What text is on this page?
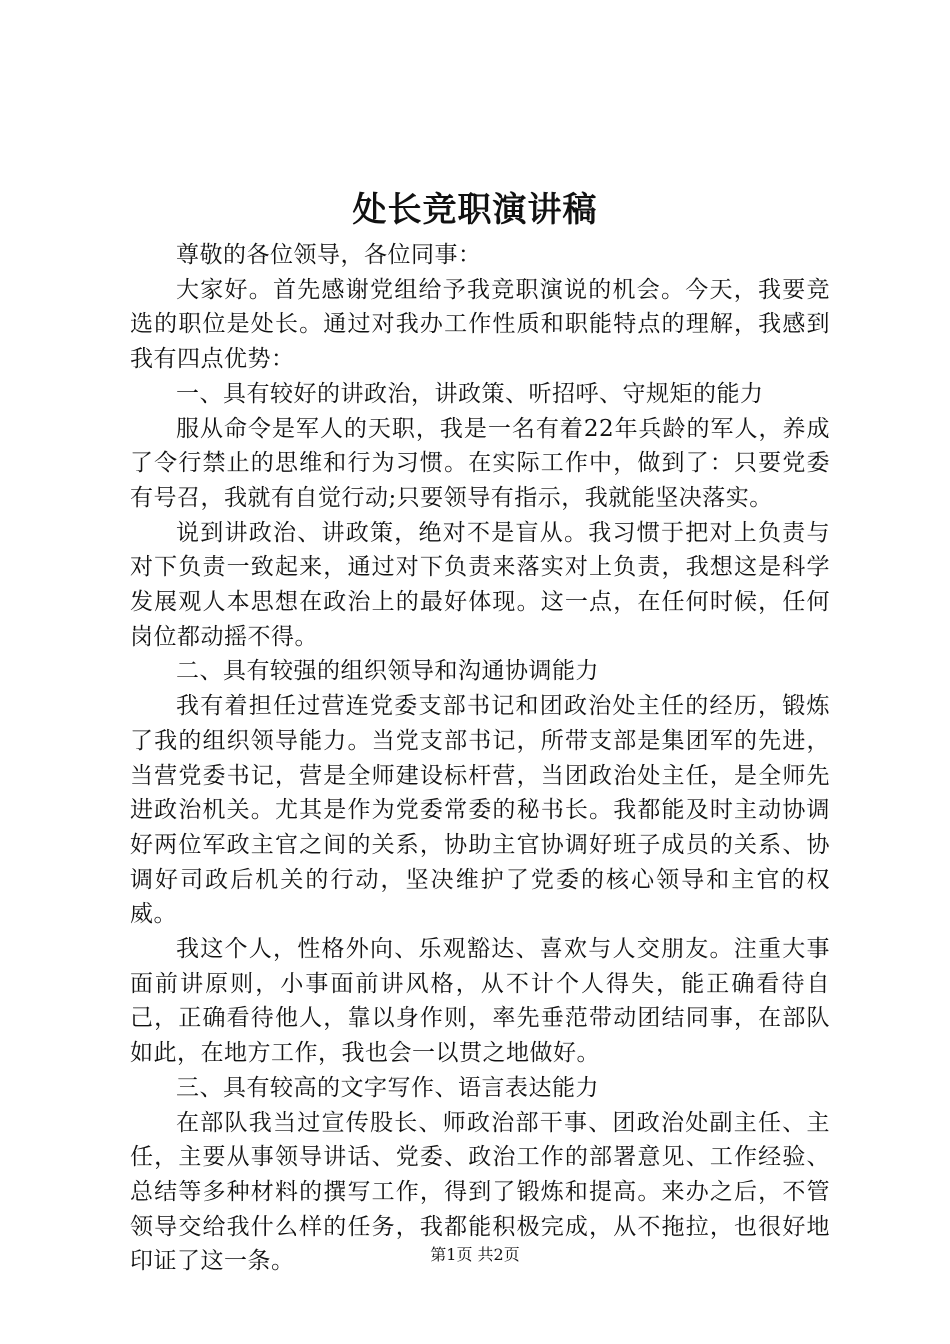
处长竞职演讲稿

尊敬的各位领导，各位同事：

大家好。首先感谢党组给予我竞职演说的机会。今天，我要竞选的职位是处长。通过对我办工作性质和职能特点的理解，我感到我有四点优势：

一、具有较好的讲政治，讲政策、听招呼、守规矩的能力

服从命令是军人的天职，我是一名有着22年兵龄的军人，养成了令行禁止的思维和行为习惯。在实际工作中，做到了：只要党委有号召，我就有自觉行动;只要领导有指示，我就能坚决落实。

说到讲政治、讲政策，绝对不是盲从。我习惯于把对上负责与对下负责一致起来，通过对下负责来落实对上负责，我想这是科学发展观人本思想在政治上的最好体现。这一点，在任何时候，任何岗位都动摇不得。

二、具有较强的组织领导和沟通协调能力

我有着担任过营连党委支部书记和团政治处主任的经历，锻炼了我的组织领导能力。当党支部书记，所带支部是集团军的先进，当营党委书记，营是全师建设标杆营，当团政治处主任，是全师先进政治机关。尤其是作为党委常委的秘书长。我都能及时主动协调好两位军政主官之间的关系，协助主官协调好班子成员的关系、协调好司政后机关的行动，坚决维护了党委的核心领导和主官的权威。

我这个人，性格外向、乐观豁达、喜欢与人交朋友。注重大事面前讲原则，小事面前讲风格，从不计个人得失，能正确看待自己，正确看待他人，靠以身作则，率先垂范带动团结同事，在部队如此，在地方工作，我也会一以贯之地做好。

三、具有较高的文字写作、语言表达能力

在部队我当过宣传股长、师政治部干事、团政治处副主任、主任，主要从事领导讲话、党委、政治工作的部署意见、工作经验、总结等多种材料的撰写工作，得到了锻炼和提高。来办之后，不管领导交给我什么样的任务，我都能积极完成，从不拖拉，也很好地印证了这一条。	第1页 共2页
